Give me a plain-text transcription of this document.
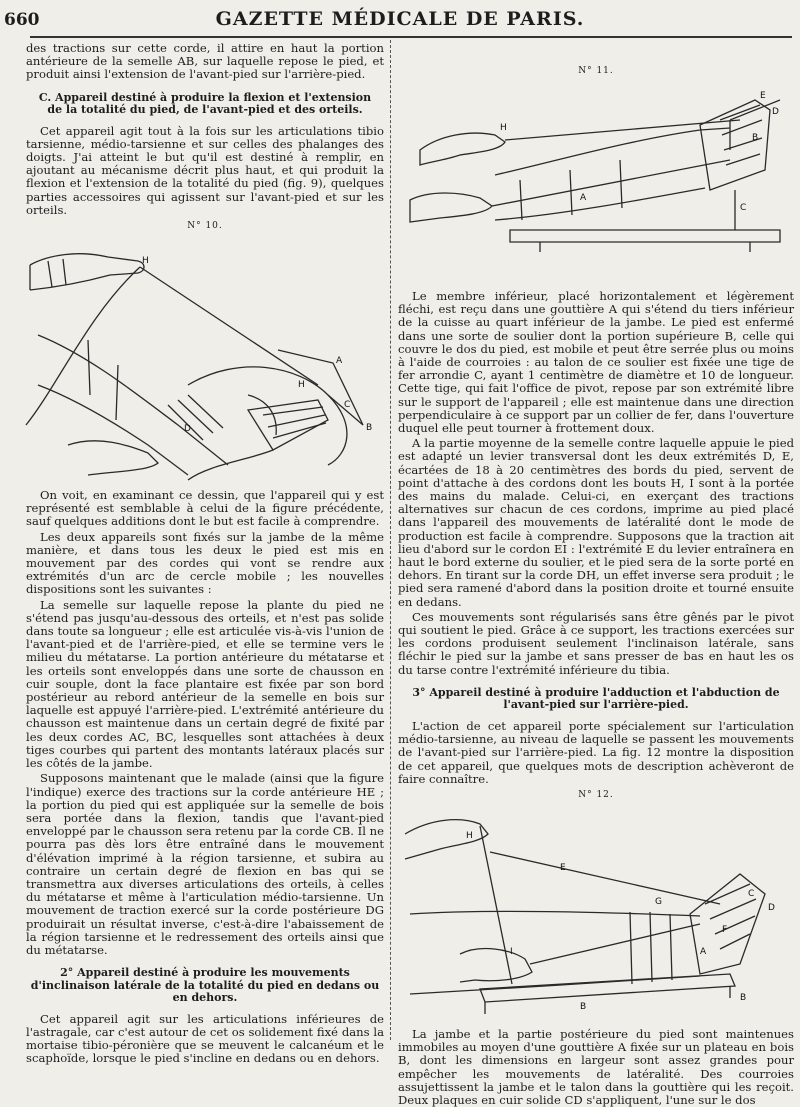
660	GAZETTE MÉDICALE DE PARIS.

des tractions sur cette corde, il attire en haut la portion antérieure de la semelle AB, sur laquelle repose le pied, et produit ainsi l'extension de l'avant-pied sur l'arrière-pied.

C. Appareil destiné à produire la flexion et l'extension de la totalité du pied, de l'avant-pied et des orteils.

Cet appareil agit tout à la fois sur les articulations tibio tarsienne, médio-tarsienne et sur celles des phalanges des doigts. J'ai atteint le but qu'il est destiné à remplir, en ajoutant au mécanisme décrit plus haut, et qui produit la flexion et l'extension de la totalité du pied (fig. 9), quelques parties accessoires qui agissent sur l'avant-pied et sur les orteils.

N° 10.
H
H
A
C
B
D

On voit, en examinant ce dessin, que l'appareil qui y est représenté est semblable à celui de la figure précédente, sauf quelques additions dont le but est facile à comprendre.

Les deux appareils sont fixés sur la jambe de la même manière, et dans tous les deux le pied est mis en mouvement par des cordes qui vont se rendre aux extrémités d'un arc de cercle mobile ; les nouvelles dispositions sont les suivantes :

La semelle sur laquelle repose la plante du pied ne s'étend pas jusqu'au-dessous des orteils, et n'est pas solide dans toute sa longueur ; elle est articulée vis-à-vis l'union de l'avant-pied et de l'arrière-pied, et elle se termine vers le milieu du métatarse. La portion antérieure du métatarse et les orteils sont enveloppés dans une sorte de chausson en cuir souple, dont la face plantaire est fixée par son bord postérieur au rebord antérieur de la semelle en bois sur laquelle est appuyé l'arrière-pied. L'extrémité antérieure du chausson est maintenue dans un certain degré de fixité par les deux cordes AC, BC, lesquelles sont attachées à deux tiges courbes qui partent des montants latéraux placés sur les côtés de la jambe.

Supposons maintenant que le malade (ainsi que la figure l'indique) exerce des tractions sur la corde antérieure HE ; la portion du pied qui est appliquée sur la semelle de bois sera portée dans la flexion, tandis que l'avant-pied enveloppé par le chausson sera retenu par la corde CB. Il ne pourra pas dès lors être entraîné dans le mouvement d'élévation imprimé à la région tarsienne, et subira au contraire un certain degré de flexion en bas qui se transmettra aux diverses articulations des orteils, à celles du métatarse et même à l'articulation médio-tarsienne. Un mouvement de traction exercé sur la corde postérieure DG produirait un résultat inverse, c'est-à-dire l'abaissement de la région tarsienne et le redressement des orteils ainsi que du métatarse.

2° Appareil destiné à produire les mouvements d'inclinaison latérale de la totalité du pied en dedans ou en dehors.

Cet appareil agit sur les articulations inférieures de l'astragale, car c'est autour de cet os solidement fixé dans la mortaise tibio-péronière que se meuvent le calcanéum et le scaphoïde, lorsque le pied s'incline en dedans ou en dehors.

N° 11.
H
A
B
C
D
E

Le membre inférieur, placé horizontalement et légèrement fléchi, est reçu dans une gouttière A qui s'étend du tiers inférieur de la cuisse au quart inférieur de la jambe. Le pied est enfermé dans une sorte de soulier dont la portion supérieure B, celle qui couvre le dos du pied, est mobile et peut être serrée plus ou moins à l'aide de courroies : au talon de ce soulier est fixée une tige de fer arrondie C, ayant 1 centimètre de diamètre et 10 de longueur. Cette tige, qui fait l'office de pivot, repose par son extrémité libre sur le support de l'appareil ; elle est maintenue dans une direction perpendiculaire à ce support par un collier de fer, dans l'ouverture duquel elle peut tourner à frottement doux.

A la partie moyenne de la semelle contre laquelle appuie le pied est adapté un levier transversal dont les deux extrémités D, E, écartées de 18 à 20 centimètres des bords du pied, servent de point d'attache à des cordons dont les bouts H, I sont à la portée des mains du malade. Celui-ci, en exerçant des tractions alternatives sur chacun de ces cordons, imprime au pied placé dans l'appareil des mouvements de latéralité dont le mode de production est facile à comprendre. Supposons que la traction ait lieu d'abord sur le cordon EI : l'extrémité E du levier entraînera en haut le bord externe du soulier, et le pied sera de la sorte porté en dehors. En tirant sur la corde DH, un effet inverse sera produit ; le pied sera ramené d'abord dans la position droite et tourné ensuite en dedans.

Ces mouvements sont régularisés sans être gênés par le pivot qui soutient le pied. Grâce à ce support, les tractions exercées sur les cordons produisent seulement l'inclinaison latérale, sans fléchir le pied sur la jambe et sans presser de bas en haut les os du tarse contre l'extrémité inférieure du tibia.

3° Appareil destiné à produire l'adduction et l'abduction de l'avant-pied sur l'arrière-pied.

L'action de cet appareil porte spécialement sur l'articulation médio-tarsienne, au niveau de laquelle se passent les mouvements de l'avant-pied sur l'arrière-pied. La fig. 12 montre la disposition de cet appareil, que quelques mots de description achèveront de faire connaître.

N° 12.
H
E
G
C
D
I	A
B
B
F

La jambe et la partie postérieure du pied sont maintenues immobiles au moyen d'une gouttière A fixée sur un plateau en bois B, dont les dimensions en largeur sont assez grandes pour empêcher les mouvements de latéralité. Des courroies assujettissent la jambe et le talon dans la gouttière qui les reçoit. Deux plaques en cuir solide CD s'appliquent, l'une sur le dos
